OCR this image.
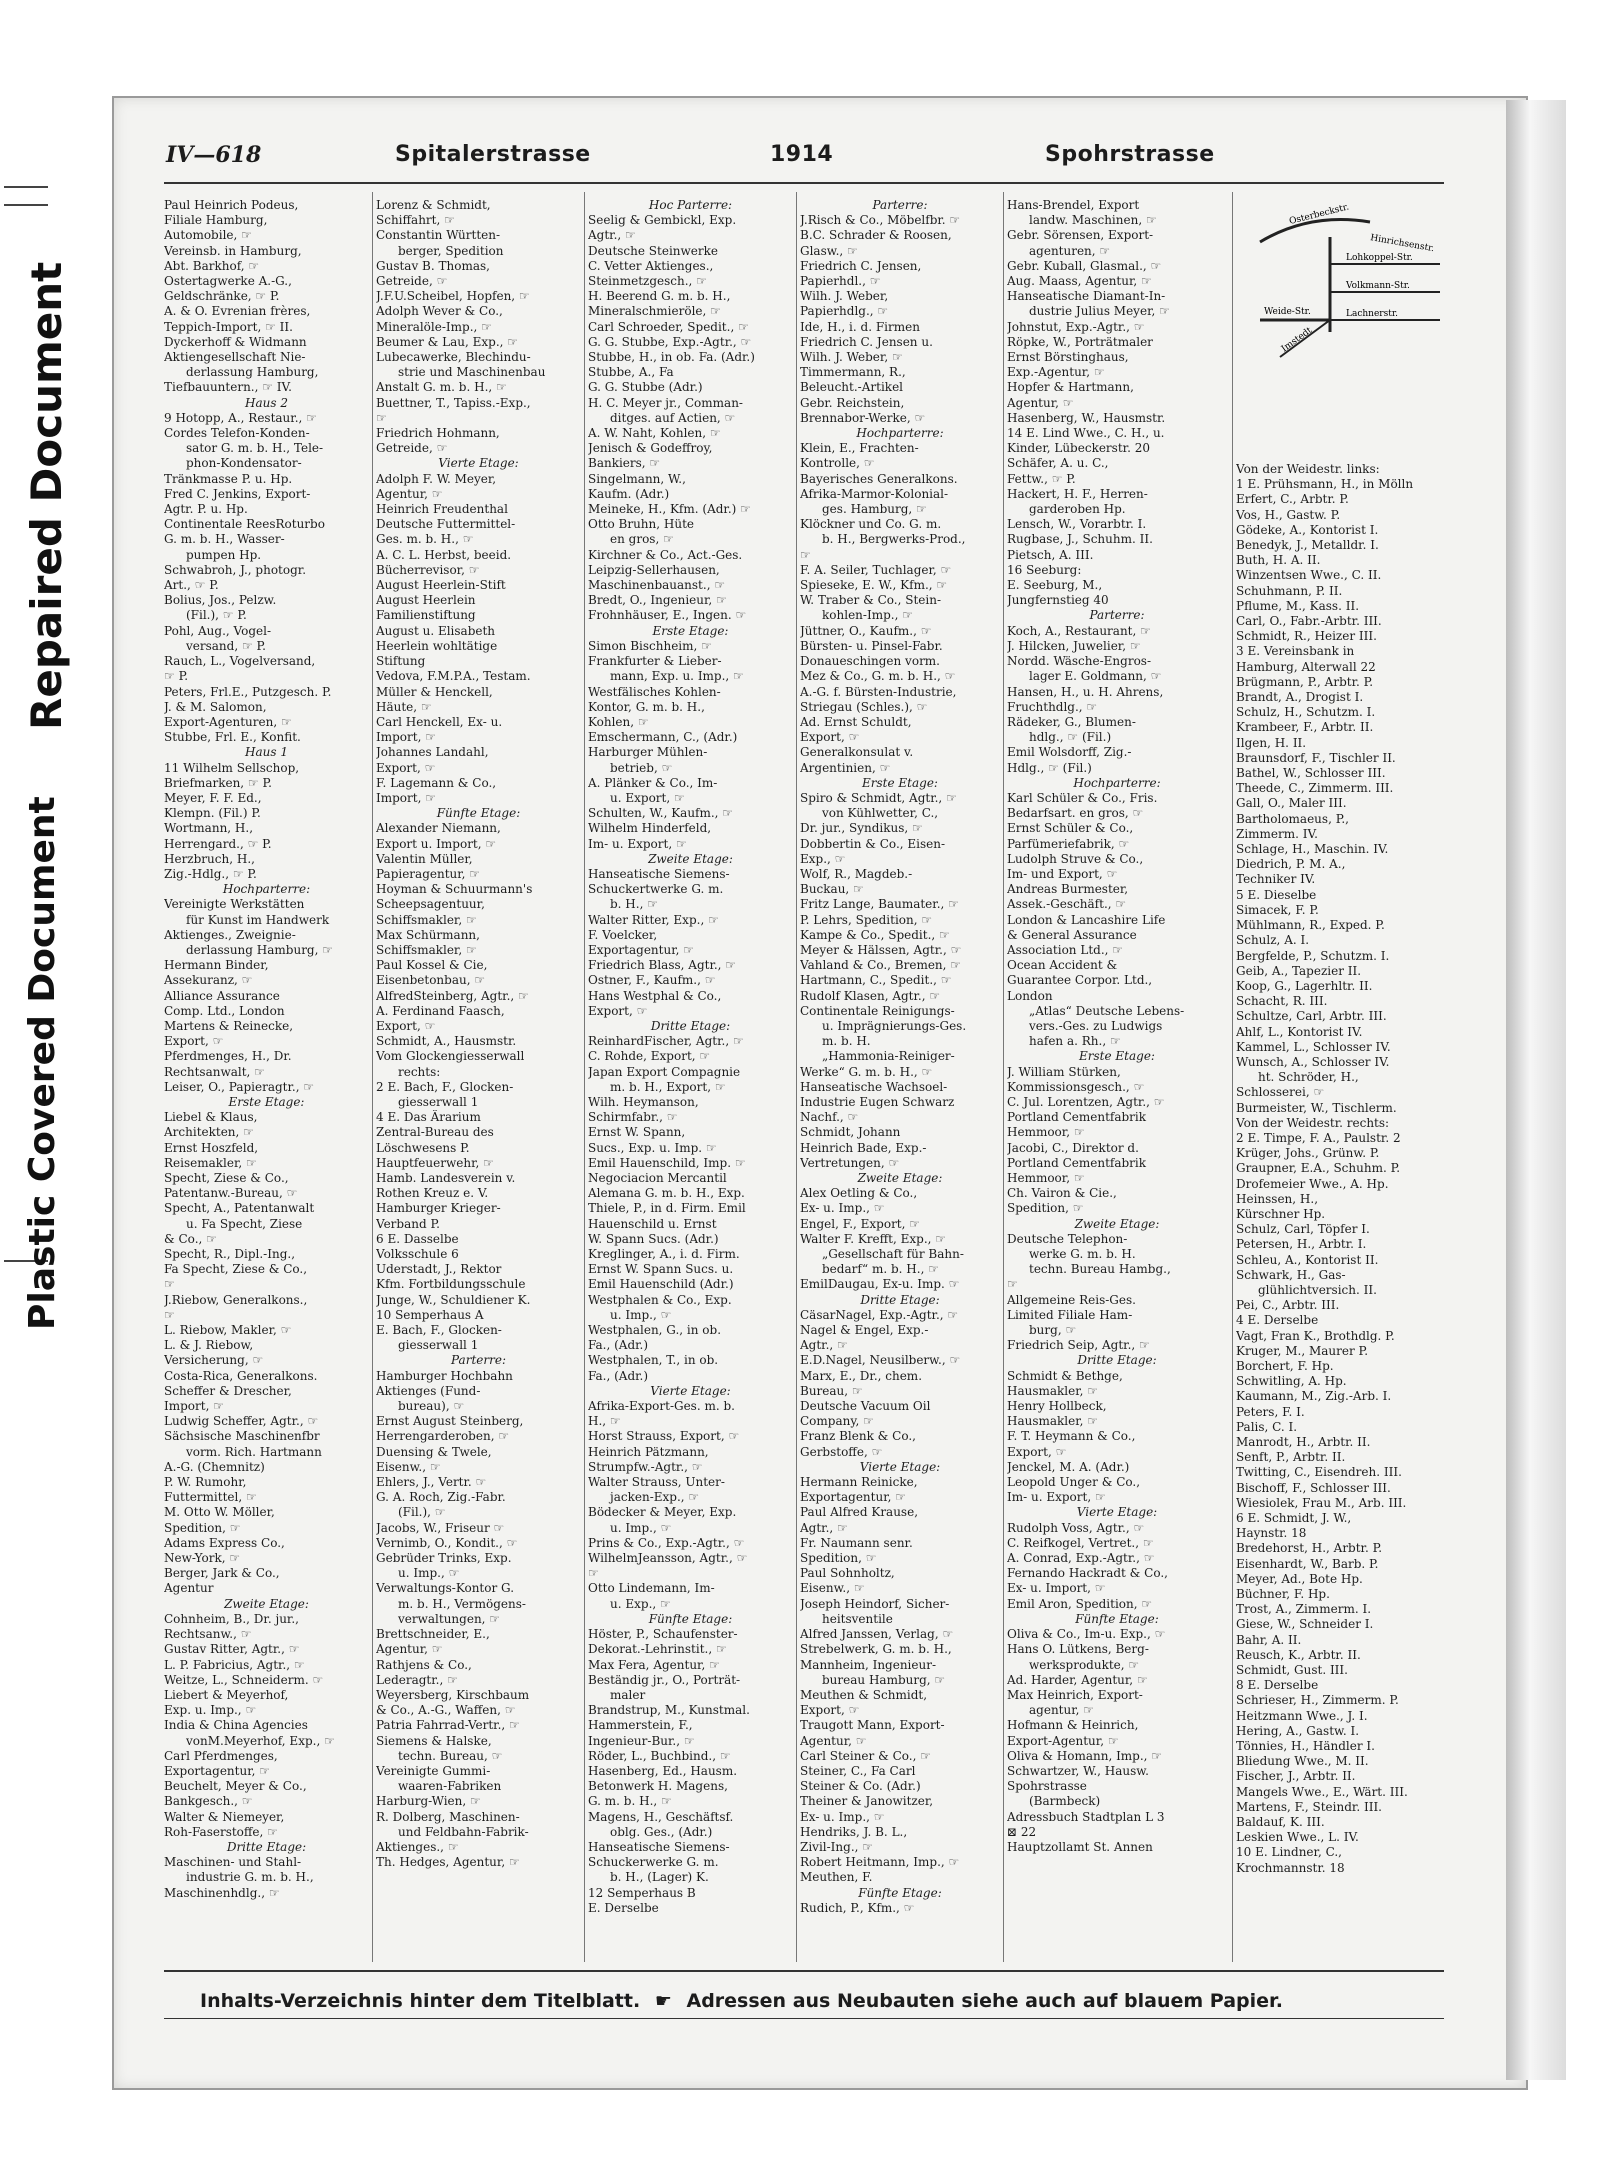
Repaired Document
Plastic Covered Document
IV—618	Spitalerstrasse	1914	Spohrstrasse
Paul Heinrich Podeus,
Filiale Hamburg,
Automobile, ☞
Vereinsb. in Hamburg,
Abt. Barkhof, ☞
Ostertagwerke A.-G.,
Geldschränke, ☞ P.
A. & O. Evrenian frères,
Teppich-Import, ☞ II.
Dyckerhoff & Widmann
Aktiengesellschaft Nie-
derlassung Hamburg,
Tiefbauuntern., ☞ IV.
Haus 2
9 Hotopp, A., Restaur., ☞
Cordes Telefon-Konden-
sator G. m. b. H., Tele-
phon-Kondensator-
Tränkmasse P. u. Hp.
Fred C. Jenkins, Export-
Agtr. P. u. Hp.
Continentale ReesRoturbo
G. m. b. H., Wasser-
pumpen Hp.
Schwabroh, J., photogr.
Art., ☞ P.
Bolius, Jos., Pelzw.
(Fil.), ☞ P.
Pohl, Aug., Vogel-
versand, ☞ P.
Rauch, L., Vogelversand,
☞ P.
Peters, Frl.E., Putzgesch. P.
J. & M. Salomon,
Export-Agenturen, ☞
Stubbe, Frl. E., Konfit.
Haus 1
11 Wilhelm Sellschop,
Briefmarken, ☞ P.
Meyer, F. F. Ed.,
Klempn. (Fil.) P.
Wortmann, H.,
Herrengard., ☞ P.
Herzbruch, H.,
Zig.-Hdlg., ☞ P.
Hochparterre:
Vereinigte Werkstätten
für Kunst im Handwerk
Aktienges., Zweignie-
derlassung Hamburg, ☞
Hermann Binder,
Assekuranz, ☞
Alliance Assurance
Comp. Ltd., London
Martens & Reinecke,
Export, ☞
Pferdmenges, H., Dr.
Rechtsanwalt, ☞
Leiser, O., Papieragtr., ☞
Erste Etage:
Liebel & Klaus,
Architekten, ☞
Ernst Hoszfeld,
Reisemakler, ☞
Specht, Ziese & Co.,
Patentanw.-Bureau, ☞
Specht, A., Patentanwalt
u. Fa Specht, Ziese
& Co., ☞
Specht, R., Dipl.-Ing.,
Fa Specht, Ziese & Co.,
☞
J.Riebow, Generalkons.,
☞
L. Riebow, Makler, ☞
L. & J. Riebow,
Versicherung, ☞
Costa-Rica, Generalkons.
Scheffer & Drescher,
Import, ☞
Ludwig Scheffer, Agtr., ☞
Sächsische Maschinenfbr
vorm. Rich. Hartmann
A.-G. (Chemnitz)
P. W. Rumohr,
Futtermittel, ☞
M. Otto W. Möller,
Spedition, ☞
Adams Express Co.,
New-York, ☞
Berger, Jark & Co.,
Agentur
Zweite Etage:
Cohnheim, B., Dr. jur.,
Rechtsanw., ☞
Gustav Ritter, Agtr., ☞
L. P. Fabricius, Agtr., ☞
Weitze, L., Schneiderm. ☞
Liebert & Meyerhof,
Exp. u. Imp., ☞
India & China Agencies
vonM.Meyerhof, Exp., ☞
Carl Pferdmenges,
Exportagentur, ☞
Beuchelt, Meyer & Co.,
Bankgesch., ☞
Walter & Niemeyer,
Roh-Faserstoffe, ☞
Dritte Etage:
Maschinen- und Stahl-
industrie G. m. b. H.,
Maschinenhdlg., ☞
Lorenz & Schmidt,
Schiffahrt, ☞
Constantin Württen-
berger, Spedition
Gustav B. Thomas,
Getreide, ☞
J.F.U.Scheibel, Hopfen, ☞
Adolph Wever & Co.,
Mineralöle-Imp., ☞
Beumer & Lau, Exp., ☞
Lubecawerke, Blechindu-
strie und Maschinenbau
Anstalt G. m. b. H., ☞
Buettner, T., Tapiss.-Exp.,
☞
Friedrich Hohmann,
Getreide, ☞
Vierte Etage:
Adolph F. W. Meyer,
Agentur, ☞
Heinrich Freudenthal
Deutsche Futtermittel-
Ges. m. b. H., ☞
A. C. L. Herbst, beeid.
Bücherrevisor, ☞
August Heerlein-Stift
August Heerlein
Familienstiftung
August u. Elisabeth
Heerlein wohltätige
Stiftung
Vedova, F.M.P.A., Testam.
Müller & Henckell,
Häute, ☞
Carl Henckell, Ex- u.
Import, ☞
Johannes Landahl,
Export, ☞
F. Lagemann & Co.,
Import, ☞
Fünfte Etage:
Alexander Niemann,
Export u. Import, ☞
Valentin Müller,
Papieragentur, ☞
Hoyman & Schuurmann's
Scheepsagentuur,
Schiffsmakler, ☞
Max Schürmann,
Schiffsmakler, ☞
Paul Kossel & Cie,
Eisenbetonbau, ☞
AlfredSteinberg, Agtr., ☞
A. Ferdinand Faasch,
Export, ☞
Schmidt, A., Hausmstr.
Vom Glockengiesserwall
rechts:
2 E. Bach, F., Glocken-
giesserwall 1
4 E. Das Ärarium
Zentral-Bureau des
Löschwesens P.
Hauptfeuerwehr, ☞
Hamb. Landesverein v.
Rothen Kreuz e. V.
Hamburger Krieger-
Verband P.
6 E. Dasselbe
Volksschule 6
Uderstadt, J., Rektor
Kfm. Fortbildungsschule
Junge, W., Schuldiener K.
10 Semperhaus A
E. Bach, F., Glocken-
giesserwall 1
Parterre:
Hamburger Hochbahn
Aktienges (Fund-
bureau), ☞
Ernst August Steinberg,
Herrengarderoben, ☞
Duensing & Twele,
Eisenw., ☞
Ehlers, J., Vertr. ☞
G. A. Roch, Zig.-Fabr.
(Fil.), ☞
Jacobs, W., Friseur ☞
Vernimb, O., Kondit., ☞
Gebrüder Trinks, Exp.
u. Imp., ☞
Verwaltungs-Kontor G.
m. b. H., Vermögens-
verwaltungen, ☞
Brettschneider, E.,
Agentur, ☞
Rathjens & Co.,
Lederagtr., ☞
Weyersberg, Kirschbaum
& Co., A.-G., Waffen, ☞
Patria Fahrrad-Vertr., ☞
Siemens & Halske,
techn. Bureau, ☞
Vereinigte Gummi-
waaren-Fabriken
Harburg-Wien, ☞
R. Dolberg, Maschinen-
und Feldbahn-Fabrik-
Aktienges., ☞
Th. Hedges, Agentur, ☞
Hoc Parterre:
Seelig & Gembickl, Exp.
Agtr., ☞
Deutsche Steinwerke
C. Vetter Aktienges.,
Steinmetzgesch., ☞
H. Beerend G. m. b. H.,
Mineralschmieröle, ☞
Carl Schroeder, Spedit., ☞
G. G. Stubbe, Exp.-Agtr., ☞
Stubbe, H., in ob. Fa. (Adr.)
Stubbe, A., Fa
G. G. Stubbe (Adr.)
H. C. Meyer jr., Comman-
ditges. auf Actien, ☞
A. W. Naht, Kohlen, ☞
Jenisch & Godeffroy,
Bankiers, ☞
Singelmann, W.,
Kaufm. (Adr.)
Meineke, H., Kfm. (Adr.) ☞
Otto Bruhn, Hüte
en gros, ☞
Kirchner & Co., Act.-Ges.
Leipzig-Sellerhausen,
Maschinenbauanst., ☞
Bredt, O., Ingenieur, ☞
Frohnhäuser, E., Ingen. ☞
Erste Etage:
Simon Bischheim, ☞
Frankfurter & Lieber-
mann, Exp. u. Imp., ☞
Westfälisches Kohlen-
Kontor, G. m. b. H.,
Kohlen, ☞
Emschermann, C., (Adr.)
Harburger Mühlen-
betrieb, ☞
A. Plänker & Co., Im-
u. Export, ☞
Schulten, W., Kaufm., ☞
Wilhelm Hinderfeld,
Im- u. Export, ☞
Zweite Etage:
Hanseatische Siemens-
Schuckertwerke G. m.
b. H., ☞
Walter Ritter, Exp., ☞
F. Voelcker,
Exportagentur, ☞
Friedrich Blass, Agtr., ☞
Ostner, F., Kaufm., ☞
Hans Westphal & Co.,
Export, ☞
Dritte Etage:
ReinhardFischer, Agtr., ☞
C. Rohde, Export, ☞
Japan Export Compagnie
m. b. H., Export, ☞
Wilh. Heymanson,
Schirmfabr., ☞
Ernst W. Spann,
Sucs., Exp. u. Imp. ☞
Emil Hauenschild, Imp. ☞
Negociacion Mercantil
Alemana G. m. b. H., Exp.
Thiele, P., in d. Firm. Emil
Hauenschild u. Ernst
W. Spann Sucs. (Adr.)
Kreglinger, A., i. d. Firm.
Ernst W. Spann Sucs. u.
Emil Hauenschild (Adr.)
Westphalen & Co., Exp.
u. Imp., ☞
Westphalen, G., in ob.
Fa., (Adr.)
Westphalen, T., in ob.
Fa., (Adr.)
Vierte Etage:
Afrika-Export-Ges. m. b.
H., ☞
Horst Strauss, Export, ☞
Heinrich Pätzmann,
Strumpfw.-Agtr., ☞
Walter Strauss, Unter-
jacken-Exp., ☞
Bödecker & Meyer, Exp.
u. Imp., ☞
Prins & Co., Exp.-Agtr., ☞
WilhelmJeansson, Agtr., ☞
☞
Otto Lindemann, Im-
u. Exp., ☞
Fünfte Etage:
Höster, P., Schaufenster-
Dekorat.-Lehrinstit., ☞
Max Fera, Agentur, ☞
Beständig jr., O., Porträt-
maler
Brandstrup, M., Kunstmal.
Hammerstein, F.,
Ingenieur-Bur., ☞
Röder, L., Buchbind., ☞
Hasenberg, Ed., Hausm.
Betonwerk H. Magens,
G. m. b. H., ☞
Magens, H., Geschäftsf.
oblg. Ges., (Adr.)
Hanseatische Siemens-
Schuckerwerke G. m.
b. H., (Lager) K.
12 Semperhaus B
E. Derselbe
Parterre:
J.Risch & Co., Möbelfbr. ☞
B.C. Schrader & Roosen,
Glasw., ☞
Friedrich C. Jensen,
Papierhdl., ☞
Wilh. J. Weber,
Papierhdlg., ☞
Ide, H., i. d. Firmen
Friedrich C. Jensen u.
Wilh. J. Weber, ☞
Timmermann, R.,
Beleucht.-Artikel
Gebr. Reichstein,
Brennabor-Werke, ☞
Hochparterre:
Klein, E., Frachten-
Kontrolle, ☞
Bayerisches Generalkons.
Afrika-Marmor-Kolonial-
ges. Hamburg, ☞
Klöckner und Co. G. m.
b. H., Bergwerks-Prod.,
☞
F. A. Seiler, Tuchlager, ☞
Spieseke, E. W., Kfm., ☞
W. Traber & Co., Stein-
kohlen-Imp., ☞
Jüttner, O., Kaufm., ☞
Bürsten- u. Pinsel-Fabr.
Donaueschingen vorm.
Mez & Co., G. m. b. H., ☞
A.-G. f. Bürsten-Industrie,
Striegau (Schles.), ☞
Ad. Ernst Schuldt,
Export, ☞
Generalkonsulat v.
Argentinien, ☞
Erste Etage:
Spiro & Schmidt, Agtr., ☞
von Kühlwetter, C.,
Dr. jur., Syndikus, ☞
Dobbertin & Co., Eisen-
Exp., ☞
Wolf, R., Magdeb.-
Buckau, ☞
Fritz Lange, Baumater., ☞
P. Lehrs, Spedition, ☞
Kampe & Co., Spedit., ☞
Meyer & Hälssen, Agtr., ☞
Vahland & Co., Bremen, ☞
Hartmann, C., Spedit., ☞
Rudolf Klasen, Agtr., ☞
Continentale Reinigungs-
u. Imprägnierungs-Ges.
m. b. H.
„Hammonia-Reiniger-
Werke“ G. m. b. H., ☞
Hanseatische Wachsoel-
Industrie Eugen Schwarz
Nachf., ☞
Schmidt, Johann
Heinrich Bade, Exp.-
Vertretungen, ☞
Zweite Etage:
Alex Oetling & Co.,
Ex- u. Imp., ☞
Engel, F., Export, ☞
Walter F. Krefft, Exp., ☞
„Gesellschaft für Bahn-
bedarf“ m. b. H., ☞
EmilDaugau, Ex-u. Imp. ☞
Dritte Etage:
CäsarNagel, Exp.-Agtr., ☞
Nagel & Engel, Exp.-
Agtr., ☞
E.D.Nagel, Neusilberw., ☞
Marx, E., Dr., chem.
Bureau, ☞
Deutsche Vacuum Oil
Company, ☞
Franz Blenk & Co.,
Gerbstoffe, ☞
Vierte Etage:
Hermann Reinicke,
Exportagentur, ☞
Paul Alfred Krause,
Agtr., ☞
Fr. Naumann senr.
Spedition, ☞
Paul Sohnholtz,
Eisenw., ☞
Joseph Heindorf, Sicher-
heitsventile
Alfred Janssen, Verlag, ☞
Strebelwerk, G. m. b. H.,
Mannheim, Ingenieur-
bureau Hamburg, ☞
Meuthen & Schmidt,
Export, ☞
Traugott Mann, Export-
Agentur, ☞
Carl Steiner & Co., ☞
Steiner, C., Fa Carl
Steiner & Co. (Adr.)
Theiner & Janowitzer,
Ex- u. Imp., ☞
Hendriks, J. B. L.,
Zivil-Ing., ☞
Robert Heitmann, Imp., ☞
Meuthen, F.
Fünfte Etage:
Rudich, P., Kfm., ☞
Hans-Brendel, Export
landw. Maschinen, ☞
Gebr. Sörensen, Export-
agenturen, ☞
Gebr. Kuball, Glasmal., ☞
Aug. Maass, Agentur, ☞
Hanseatische Diamant-In-
dustrie Julius Meyer, ☞
Johnstut, Exp.-Agtr., ☞
Röpke, W., Porträtmaler
Ernst Börstinghaus,
Exp.-Agentur, ☞
Hopfer & Hartmann,
Agentur, ☞
Hasenberg, W., Hausmstr.
14 E. Lind Wwe., C. H., u.
Kinder, Lübeckerstr. 20
Schäfer, A. u. C.,
Fettw., ☞ P.
Hackert, H. F., Herren-
garderoben Hp.
Lensch, W., Vorarbtr. I.
Rugbase, J., Schuhm. II.
Pietsch, A. III.
16 Seeburg:
E. Seeburg, M.,
Jungfernstieg 40
Parterre:
Koch, A., Restaurant, ☞
J. Hilcken, Juwelier, ☞
Nordd. Wäsche-Engros-
lager E. Goldmann, ☞
Hansen, H., u. H. Ahrens,
Fruchthdlg., ☞
Rädeker, G., Blumen-
hdlg., ☞ (Fil.)
Emil Wolsdorff, Zig.-
Hdlg., ☞ (Fil.)
Hochparterre:
Karl Schüler & Co., Fris.
Bedarfsart. en gros, ☞
Ernst Schüler & Co.,
Parfümeriefabrik, ☞
Ludolph Struve & Co.,
Im- und Export, ☞
Andreas Burmester,
Assek.-Geschäft., ☞
London & Lancashire Life
& General Assurance
Association Ltd., ☞
Ocean Accident &
Guarantee Corpor. Ltd.,
London
„Atlas“ Deutsche Lebens-
vers.-Ges. zu Ludwigs
hafen a. Rh., ☞
Erste Etage:
J. William Stürken,
Kommissionsgesch., ☞
C. Jul. Lorentzen, Agtr., ☞
Portland Cementfabrik
Hemmoor, ☞
Jacobi, C., Direktor d.
Portland Cementfabrik
Hemmoor, ☞
Ch. Vairon & Cie.,
Spedition, ☞
Zweite Etage:
Deutsche Telephon-
werke G. m. b. H.
techn. Bureau Hambg.,
☞
Allgemeine Reis-Ges.
Limited Filiale Ham-
burg, ☞
Friedrich Seip, Agtr., ☞
Dritte Etage:
Schmidt & Bethge,
Hausmakler, ☞
Henry Hollbeck,
Hausmakler, ☞
F. T. Heymann & Co.,
Export, ☞
Jenckel, M. A. (Adr.)
Leopold Unger & Co.,
Im- u. Export, ☞
Vierte Etage:
Rudolph Voss, Agtr., ☞
C. Reifkogel, Vertret., ☞
A. Conrad, Exp.-Agtr., ☞
Fernando Hackradt & Co.,
Ex- u. Import, ☞
Emil Aron, Spedition, ☞
Fünfte Etage:
Oliva & Co., Im-u. Exp., ☞
Hans O. Lütkens, Berg-
werksprodukte, ☞
Ad. Harder, Agentur, ☞
Max Heinrich, Export-
agentur, ☞
Hofmann & Heinrich,
Export-Agentur, ☞
Oliva & Homann, Imp., ☞
Schwartzer, W., Hausw.
Spohrstrasse
(Barmbeck)
Adressbuch Stadtplan L 3
⊠ 22
Hauptzollamt St. Annen
Von der Weidestr. links:
1 E. Prühsmann, H., in Mölln
Erfert, C., Arbtr. P.
Vos, H., Gastw. P.
Gödeke, A., Kontorist I.
Benedyk, J., Metalldr. I.
Buth, H. A. II.
Winzentsen Wwe., C. II.
Schuhmann, P. II.
Pflume, M., Kass. II.
Carl, O., Fabr.-Arbtr. III.
Schmidt, R., Heizer III.
3 E. Vereinsbank in
Hamburg, Alterwall 22
Brügmann, P., Arbtr. P.
Brandt, A., Drogist I.
Schulz, H., Schutzm. I.
Krambeer, F., Arbtr. II.
Ilgen, H. II.
Braunsdorf, F., Tischler II.
Bathel, W., Schlosser III.
Theede, C., Zimmerm. III.
Gall, O., Maler III.
Bartholomaeus, P.,
Zimmerm. IV.
Schlage, H., Maschin. IV.
Diedrich, P. M. A.,
Techniker IV.
5 E. Dieselbe
Simacek, F. P.
Mühlmann, R., Exped. P.
Schulz, A. I.
Bergfelde, P., Schutzm. I.
Geib, A., Tapezier II.
Koop, G., Lagerhltr. II.
Schacht, R. III.
Schultze, Carl, Arbtr. III.
Ahlf, L., Kontorist IV.
Kammel, L., Schlosser IV.
Wunsch, A., Schlosser IV.
ht. Schröder, H.,
Schlosserei, ☞
Burmeister, W., Tischlerm.
Von der Weidestr. rechts:
2 E. Timpe, F. A., Paulstr. 2
Krüger, Johs., Grünw. P.
Graupner, E.A., Schuhm. P.
Drofemeier Wwe., A. Hp.
Heinssen, H.,
Kürschner Hp.
Schulz, Carl, Töpfer I.
Petersen, H., Arbtr. I.
Schleu, A., Kontorist II.
Schwark, H., Gas-
glühlichtversich. II.
Pei, C., Arbtr. III.
4 E. Derselbe
Vagt, Fran K., Brothdlg. P.
Kruger, M., Maurer P.
Borchert, F. Hp.
Schwitling, A. Hp.
Kaumann, M., Zig.-Arb. I.
Peters, F. I.
Palis, C. I.
Manrodt, H., Arbtr. II.
Senft, P., Arbtr. II.
Twitting, C., Eisendreh. III.
Bischoff, F., Schlosser III.
Wiesiolek, Frau M., Arb. III.
6 E. Schmidt, J. W.,
Haynstr. 18
Bredehorst, H., Arbtr. P.
Eisenhardt, W., Barb. P.
Meyer, Ad., Bote Hp.
Büchner, F. Hp.
Trost, A., Zimmerm. I.
Giese, W., Schneider I.
Bahr, A. II.
Reusch, K., Arbtr. II.
Schmidt, Gust. III.
8 E. Derselbe
Schrieser, H., Zimmerm. P.
Heitzmann Wwe., J. I.
Hering, A., Gastw. I.
Tönnies, H., Händler I.
Bliedung Wwe., M. II.
Fischer, J., Arbtr. II.
Mangels Wwe., E., Wärt. III.
Martens, F., Steindr. III.
Baldauf, K. III.
Leskien Wwe., L. IV.
10 E. Lindner, C.,
Krochmannstr. 18
Osterbeckstr.
Hinrichsenstr.
Lohkoppel-Str.
Volkmann-Str.
Lachnerstr.
Weide-Str.
Imstedt
Inhalts-Verzeichnis hinter dem Titelblatt. ☛ Adressen aus Neubauten siehe auch auf blauem Papier.
